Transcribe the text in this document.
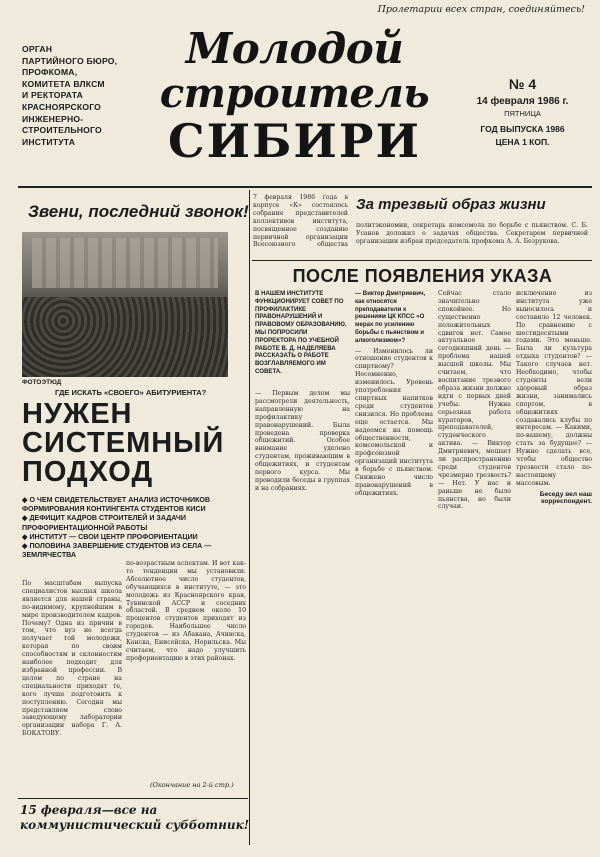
Пролетарии всех стран, соединяйтесь!
ОРГАН
ПАРТИЙНОГО БЮРО,
ПРОФКОМА,
КОМИТЕТА ВЛКСМ
И РЕКТОРАТА
КРАСНОЯРСКОГО
ИНЖЕНЕРНО-
СТРОИТЕЛЬНОГО
ИНСТИТУТА
Молодой
строитель
СИБИРИ
№ 4
14 февраля 1986 г.
ПЯТНИЦА
ГОД ВЫПУСКА 1986
ЦЕНА 1 КОП.
Звени, последний звонок!
ФОТОЭТЮД
ГДЕ ИСКАТЬ «СВОЕГО» АБИТУРИЕНТА?
НУЖЕН
СИСТЕМНЫЙ
ПОДХОД
◆ О ЧЕМ СВИДЕТЕЛЬСТВУЕТ АНАЛИЗ ИСТОЧНИКОВ ФОРМИРОВАНИЯ КОНТИНГЕНТА СТУДЕНТОВ КИСИ
◆ ДЕФИЦИТ КАДРОВ СТРОИТЕЛЕЙ И ЗАДАЧИ ПРОФОРИЕНТАЦИОННОЙ РАБОТЫ
◆ ИНСТИТУТ — СВОИ ЦЕНТР ПРОФОРИЕНТАЦИИ
◆ ПОЛОВИНА ЗАВЕРШЕНИЕ СТУДЕНТОВ ИЗ СЕЛА — ЗЕМЛЯЧЕСТВА
По масштабам выпуска специалистов высшая школа является для нашей страны, по-видимому, крупнейшим в мире производителем кадров. Почему? Одна из причин в том, что вуз не всегда получает той молодежи, которая по своим способностям и склонностям наиболее подходит для избранной профессии. В целом по стране на специальности приходят те, кого лучше подготовить к поступлению. Сегодня мы представляем слово заведующему лаборатории организации набора Г. А. БОКАТОВУ.
по-возрастным аспектам. И вот как-то тенденции мы установили. Абсолютное число студентов, обучающихся в институте, — это молодежь из Красноярского края, Тувинской АССР и соседних областей. В среднем около 10 процентов студентов приходят из городов. Наибольшее число студентов — из Абакана, Ачинска, Канска, Енисейска, Норильска. Мы считаем, что надо улучшить профориентацию в этих районах.
(Окончание на 2-й стр.)
15 февраля—все на коммунистический субботник!
7 февраля 1986 года в корпусе «К» состоялось собрание представителей коллективов института, посвященное созданию первичной организации Всесоюзного общества
За трезвый образ жизни
политэкономии, секретарь комсомола по борьбе с пьянством. С. Б. Усанов доложил о задачах общества. Секретарем первичной организации избран председатель профкома А. А. Безрукова.
ПОСЛЕ ПОЯВЛЕНИЯ УКАЗА
В НАШЕМ ИНСТИТУТЕ ФУНКЦИОНИРУЕТ СОВЕТ ПО ПРОФИЛАКТИКЕ ПРАВОНАРУШЕНИЙ И ПРАВОВОМУ ОБРАЗОВАНИЮ. МЫ ПОПРОСИЛИ ПРОРЕКТОРА ПО УЧЕБНОЙ РАБОТЕ В. Д. НАДЕЛЯЕВА РАССКАЗАТЬ О РАБОТЕ ВОЗГЛАВЛЯЕМОГО ИМ СОВЕТА.
— Первым делом мы рассмотрели деятельность, направленную на профилактику правонарушений. Была проведена проверка общежитий. Особое внимание уделено студентам, проживающим в общежитиях, и студентам первого курса. Мы проводили беседы в группах и на собраниях.
— Виктор Дмитриевич, как относятся преподаватели к решениям ЦК КПСС «О мерах по усилению борьбы с пьянством и алкоголизмом»?
— Изменилось ли отношение студентов к спиртному? Несомненно, изменилось. Уровень употребления спиртных напитков среди студентов снизился. Но проблема еще остается. Мы надеемся на помощь общественности, комсомольской и профсоюзной организаций института в борьбе с пьянством. Снижено число правонарушений в общежитиях.
Сейчас стало значительно спокойнее. Но существенно положительных сдвигов нет. Самое актуальное на сегодняшний день — проблема нашей высшей школы. Мы считаем, что воспитание трезвого образа жизни должно идти с первых дней учебы. Нужна серьезная работа кураторов, преподавателей, студенческого актива. — Виктор Дмитриевич, мешает ли распространению среди студентов чрезмерно трезвость? — Нет. У нас и раньше не было пьянства, но были случаи.
исключение из института уже выносилось и составило 12 человек. По сравнению с шестидесятыми годами. Это меньше. Была ли культура отдыха студентов? — Такого случаев нет. Необходимо, чтобы студенты вели здоровый образ жизни, занимались спортом, в общежитиях создавались клубы по интересам. — Какими, по-вашему, должны стать за будущее? — Нужно сделать все, чтобы общество трезвости стало по-настоящему массовым.
Беседу вел наш корреспондент.
